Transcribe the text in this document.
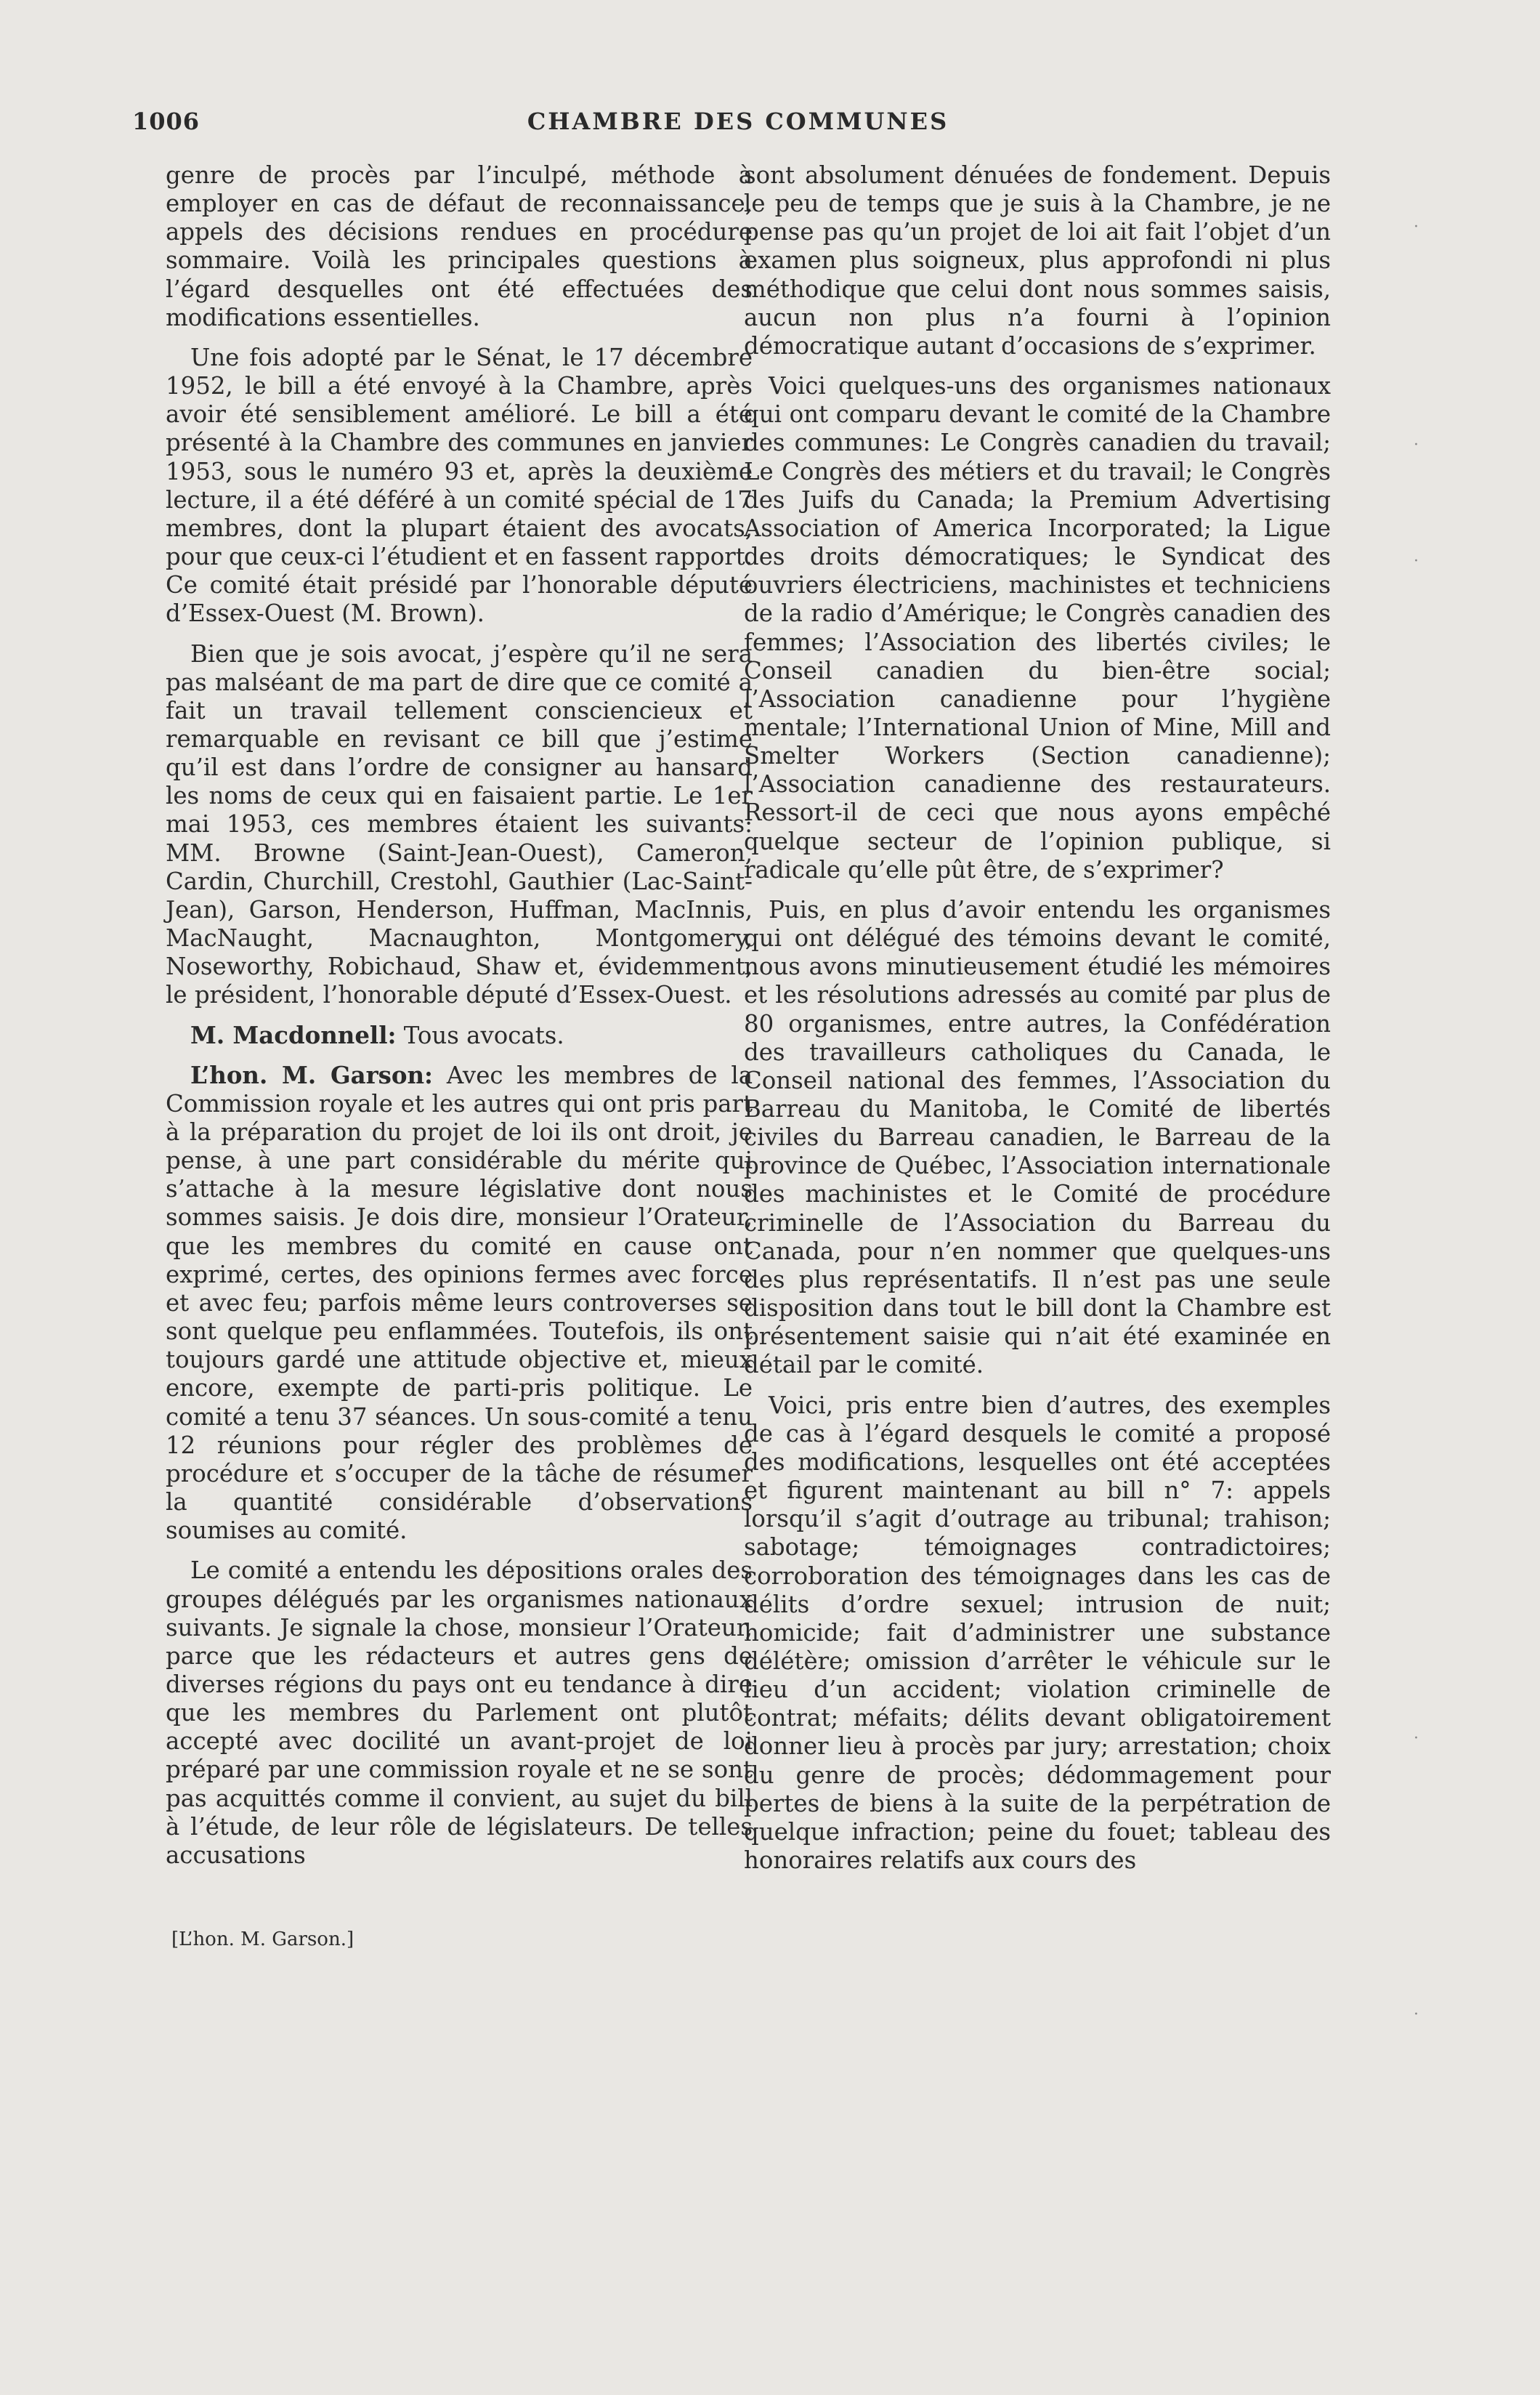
1006	CHAMBRE DES COMMUNES

genre de procès par l’inculpé, méthode à employer en cas de défaut de reconnaissance, appels des décisions rendues en procédure sommaire. Voilà les principales questions à l’égard desquelles ont été effectuées des modifications essentielles.

Une fois adopté par le Sénat, le 17 décembre 1952, le bill a été envoyé à la Chambre, après avoir été sensiblement amélioré. Le bill a été présenté à la Chambre des communes en janvier 1953, sous le numéro 93 et, après la deuxième lecture, il a été déféré à un comité spécial de 17 membres, dont la plupart étaient des avocats, pour que ceux-ci l’étudient et en fassent rapport. Ce comité était présidé par l’honorable député d’Essex-Ouest (M. Brown).

Bien que je sois avocat, j’espère qu’il ne sera pas malséant de ma part de dire que ce comité a fait un travail tellement consciencieux et remarquable en revisant ce bill que j’estime qu’il est dans l’ordre de consigner au hansard les noms de ceux qui en faisaient partie. Le 1er mai 1953, ces membres étaient les suivants: MM. Browne (Saint-Jean-Ouest), Cameron, Cardin, Churchill, Crestohl, Gauthier (Lac-Saint-Jean), Garson, Henderson, Huffman, MacInnis, MacNaught, Macnaughton, Montgomery, Noseworthy, Robichaud, Shaw et, évidemment, le président, l’honorable député d’Essex-Ouest.

M. Macdonnell: Tous avocats.

L’hon. M. Garson: Avec les membres de la Commission royale et les autres qui ont pris part à la préparation du projet de loi ils ont droit, je pense, à une part considérable du mérite qui s’attache à la mesure législative dont nous sommes saisis. Je dois dire, monsieur l’Orateur, que les membres du comité en cause ont exprimé, certes, des opinions fermes avec force et avec feu; parfois même leurs controverses se sont quelque peu enflammées. Toutefois, ils ont toujours gardé une attitude objective et, mieux encore, exempte de parti-pris politique. Le comité a tenu 37 séances. Un sous-comité a tenu 12 réunions pour régler des problèmes de procédure et s’occuper de la tâche de résumer la quantité considérable d’observations soumises au comité.

Le comité a entendu les dépositions orales des groupes délégués par les organismes nationaux suivants. Je signale la chose, monsieur l’Orateur, parce que les rédacteurs et autres gens de diverses régions du pays ont eu tendance à dire que les membres du Parlement ont plutôt accepté avec docilité un avant-projet de loi préparé par une commission royale et ne se sont pas acquittés comme il convient, au sujet du bill à l’étude, de leur rôle de législateurs. De telles accusations

[L’hon. M. Garson.]

sont absolument dénuées de fondement. Depuis le peu de temps que je suis à la Chambre, je ne pense pas qu’un projet de loi ait fait l’objet d’un examen plus soigneux, plus approfondi ni plus méthodique que celui dont nous sommes saisis, aucun non plus n’a fourni à l’opinion démocratique autant d’occasions de s’exprimer.

Voici quelques-uns des organismes nationaux qui ont comparu devant le comité de la Chambre des communes: Le Congrès canadien du travail; Le Congrès des métiers et du travail; le Congrès des Juifs du Canada; la Premium Advertising Association of America Incorporated; la Ligue des droits démocratiques; le Syndicat des ouvriers électriciens, machinistes et techniciens de la radio d’Amérique; le Congrès canadien des femmes; l’Association des libertés civiles; le Conseil canadien du bien-être social; l’Association canadienne pour l’hygiène mentale; l’International Union of Mine, Mill and Smelter Workers (Section canadienne); l’Association canadienne des restaurateurs. Ressort-il de ceci que nous ayons empêché quelque secteur de l’opinion publique, si radicale qu’elle pût être, de s’exprimer?

Puis, en plus d’avoir entendu les organismes qui ont délégué des témoins devant le comité, nous avons minutieusement étudié les mémoires et les résolutions adressés au comité par plus de 80 organismes, entre autres, la Confédération des travailleurs catholiques du Canada, le Conseil national des femmes, l’Association du Barreau du Manitoba, le Comité de libertés civiles du Barreau canadien, le Barreau de la province de Québec, l’Association internationale des machinistes et le Comité de procédure criminelle de l’Association du Barreau du Canada, pour n’en nommer que quelques-uns des plus représentatifs. Il n’est pas une seule disposition dans tout le bill dont la Chambre est présentement saisie qui n’ait été examinée en détail par le comité.

Voici, pris entre bien d’autres, des exemples de cas à l’égard desquels le comité a proposé des modifications, lesquelles ont été acceptées et figurent maintenant au bill n° 7: appels lorsqu’il s’agit d’outrage au tribunal; trahison; sabotage; témoignages contradictoires; corroboration des témoignages dans les cas de délits d’ordre sexuel; intrusion de nuit; homicide; fait d’administrer une substance délétère; omission d’arrêter le véhicule sur le lieu d’un accident; violation criminelle de contrat; méfaits; délits devant obligatoirement donner lieu à procès par jury; arrestation; choix du genre de procès; dédommagement pour pertes de biens à la suite de la perpétration de quelque infraction; peine du fouet; tableau des honoraires relatifs aux cours des

·
·
·
·
·
